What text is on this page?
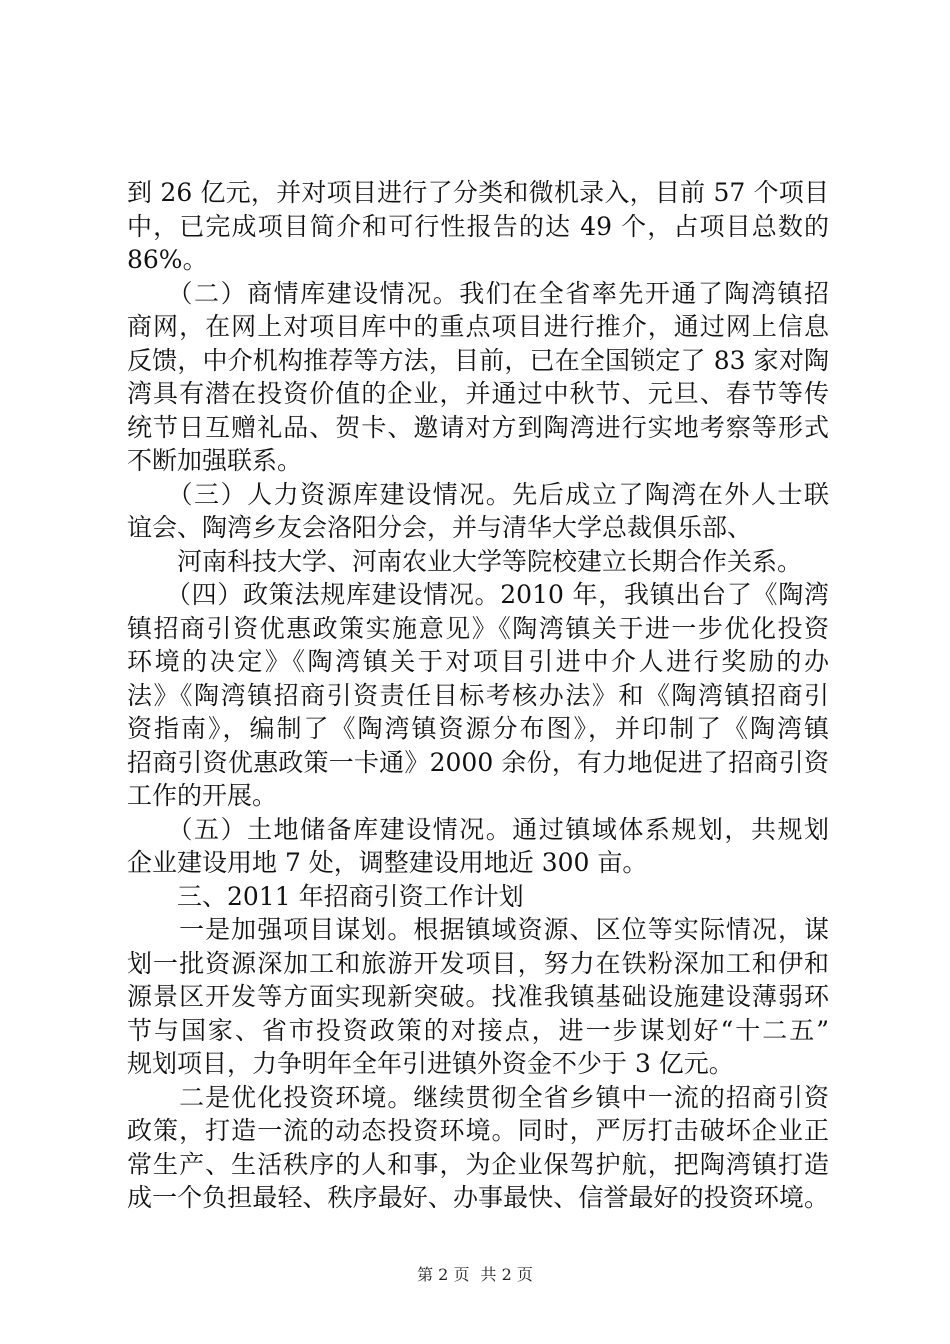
到 26 亿元，并对项目进行了分类和微机录入，目前 57 个项目
中，已完成项目简介和可行性报告的达 49 个，占项目总数的
86%。
　　（二）商情库建设情况。我们在全省率先开通了陶湾镇招
商网，在网上对项目库中的重点项目进行推介，通过网上信息
反馈，中介机构推荐等方法，目前，已在全国锁定了 83 家对陶
湾具有潜在投资价值的企业，并通过中秋节、元旦、春节等传
统节日互赠礼品、贺卡、邀请对方到陶湾进行实地考察等形式
不断加强联系。
　　（三）人力资源库建设情况。先后成立了陶湾在外人士联
谊会、陶湾乡友会洛阳分会，并与清华大学总裁俱乐部、
　　河南科技大学、河南农业大学等院校建立长期合作关系。
　　（四）政策法规库建设情况。2010 年，我镇出台了《陶湾
镇招商引资优惠政策实施意见》《陶湾镇关于进一步优化投资
环境的决定》《陶湾镇关于对项目引进中介人进行奖励的办
法》《陶湾镇招商引资责任目标考核办法》和《陶湾镇招商引
资指南》，编制了《陶湾镇资源分布图》，并印制了《陶湾镇
招商引资优惠政策一卡通》2000 余份，有力地促进了招商引资
工作的开展。
　　（五）土地储备库建设情况。通过镇域体系规划，共规划
企业建设用地 7 处，调整建设用地近 300 亩。
　　三、2011 年招商引资工作计划
　　一是加强项目谋划。根据镇域资源、区位等实际情况，谋
划一批资源深加工和旅游开发项目，努力在铁粉深加工和伊和
源景区开发等方面实现新突破。找准我镇基础设施建设薄弱环
节与国家、省市投资政策的对接点，进一步谋划好“十二五”
规划项目，力争明年全年引进镇外资金不少于 3 亿元。
　　二是优化投资环境。继续贯彻全省乡镇中一流的招商引资
政策，打造一流的动态投资环境。同时，严厉打击破坏企业正
常生产、生活秩序的人和事，为企业保驾护航，把陶湾镇打造
成一个负担最轻、秩序最好、办事最快、信誉最好的投资环境。
第 2 页 共 2 页
